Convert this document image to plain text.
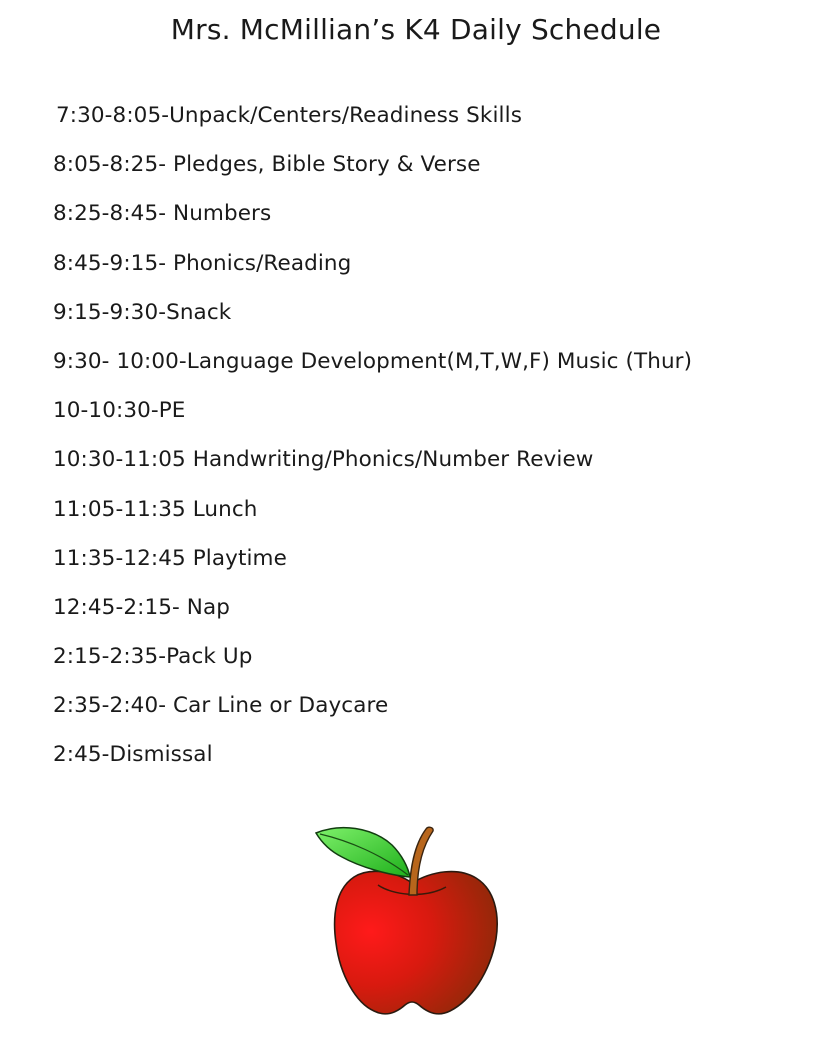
Mrs. McMillian’s K4 Daily Schedule
7:30-8:05-Unpack/Centers/Readiness Skills
8:05-8:25- Pledges, Bible Story & Verse
8:25-8:45- Numbers
8:45-9:15- Phonics/Reading
9:15-9:30-Snack
9:30- 10:00-Language Development(M,T,W,F) Music (Thur)
10-10:30-PE
10:30-11:05 Handwriting/Phonics/Number Review
11:05-11:35 Lunch
11:35-12:45 Playtime
12:45-2:15- Nap
2:15-2:35-Pack Up
2:35-2:40- Car Line or Daycare
2:45-Dismissal
